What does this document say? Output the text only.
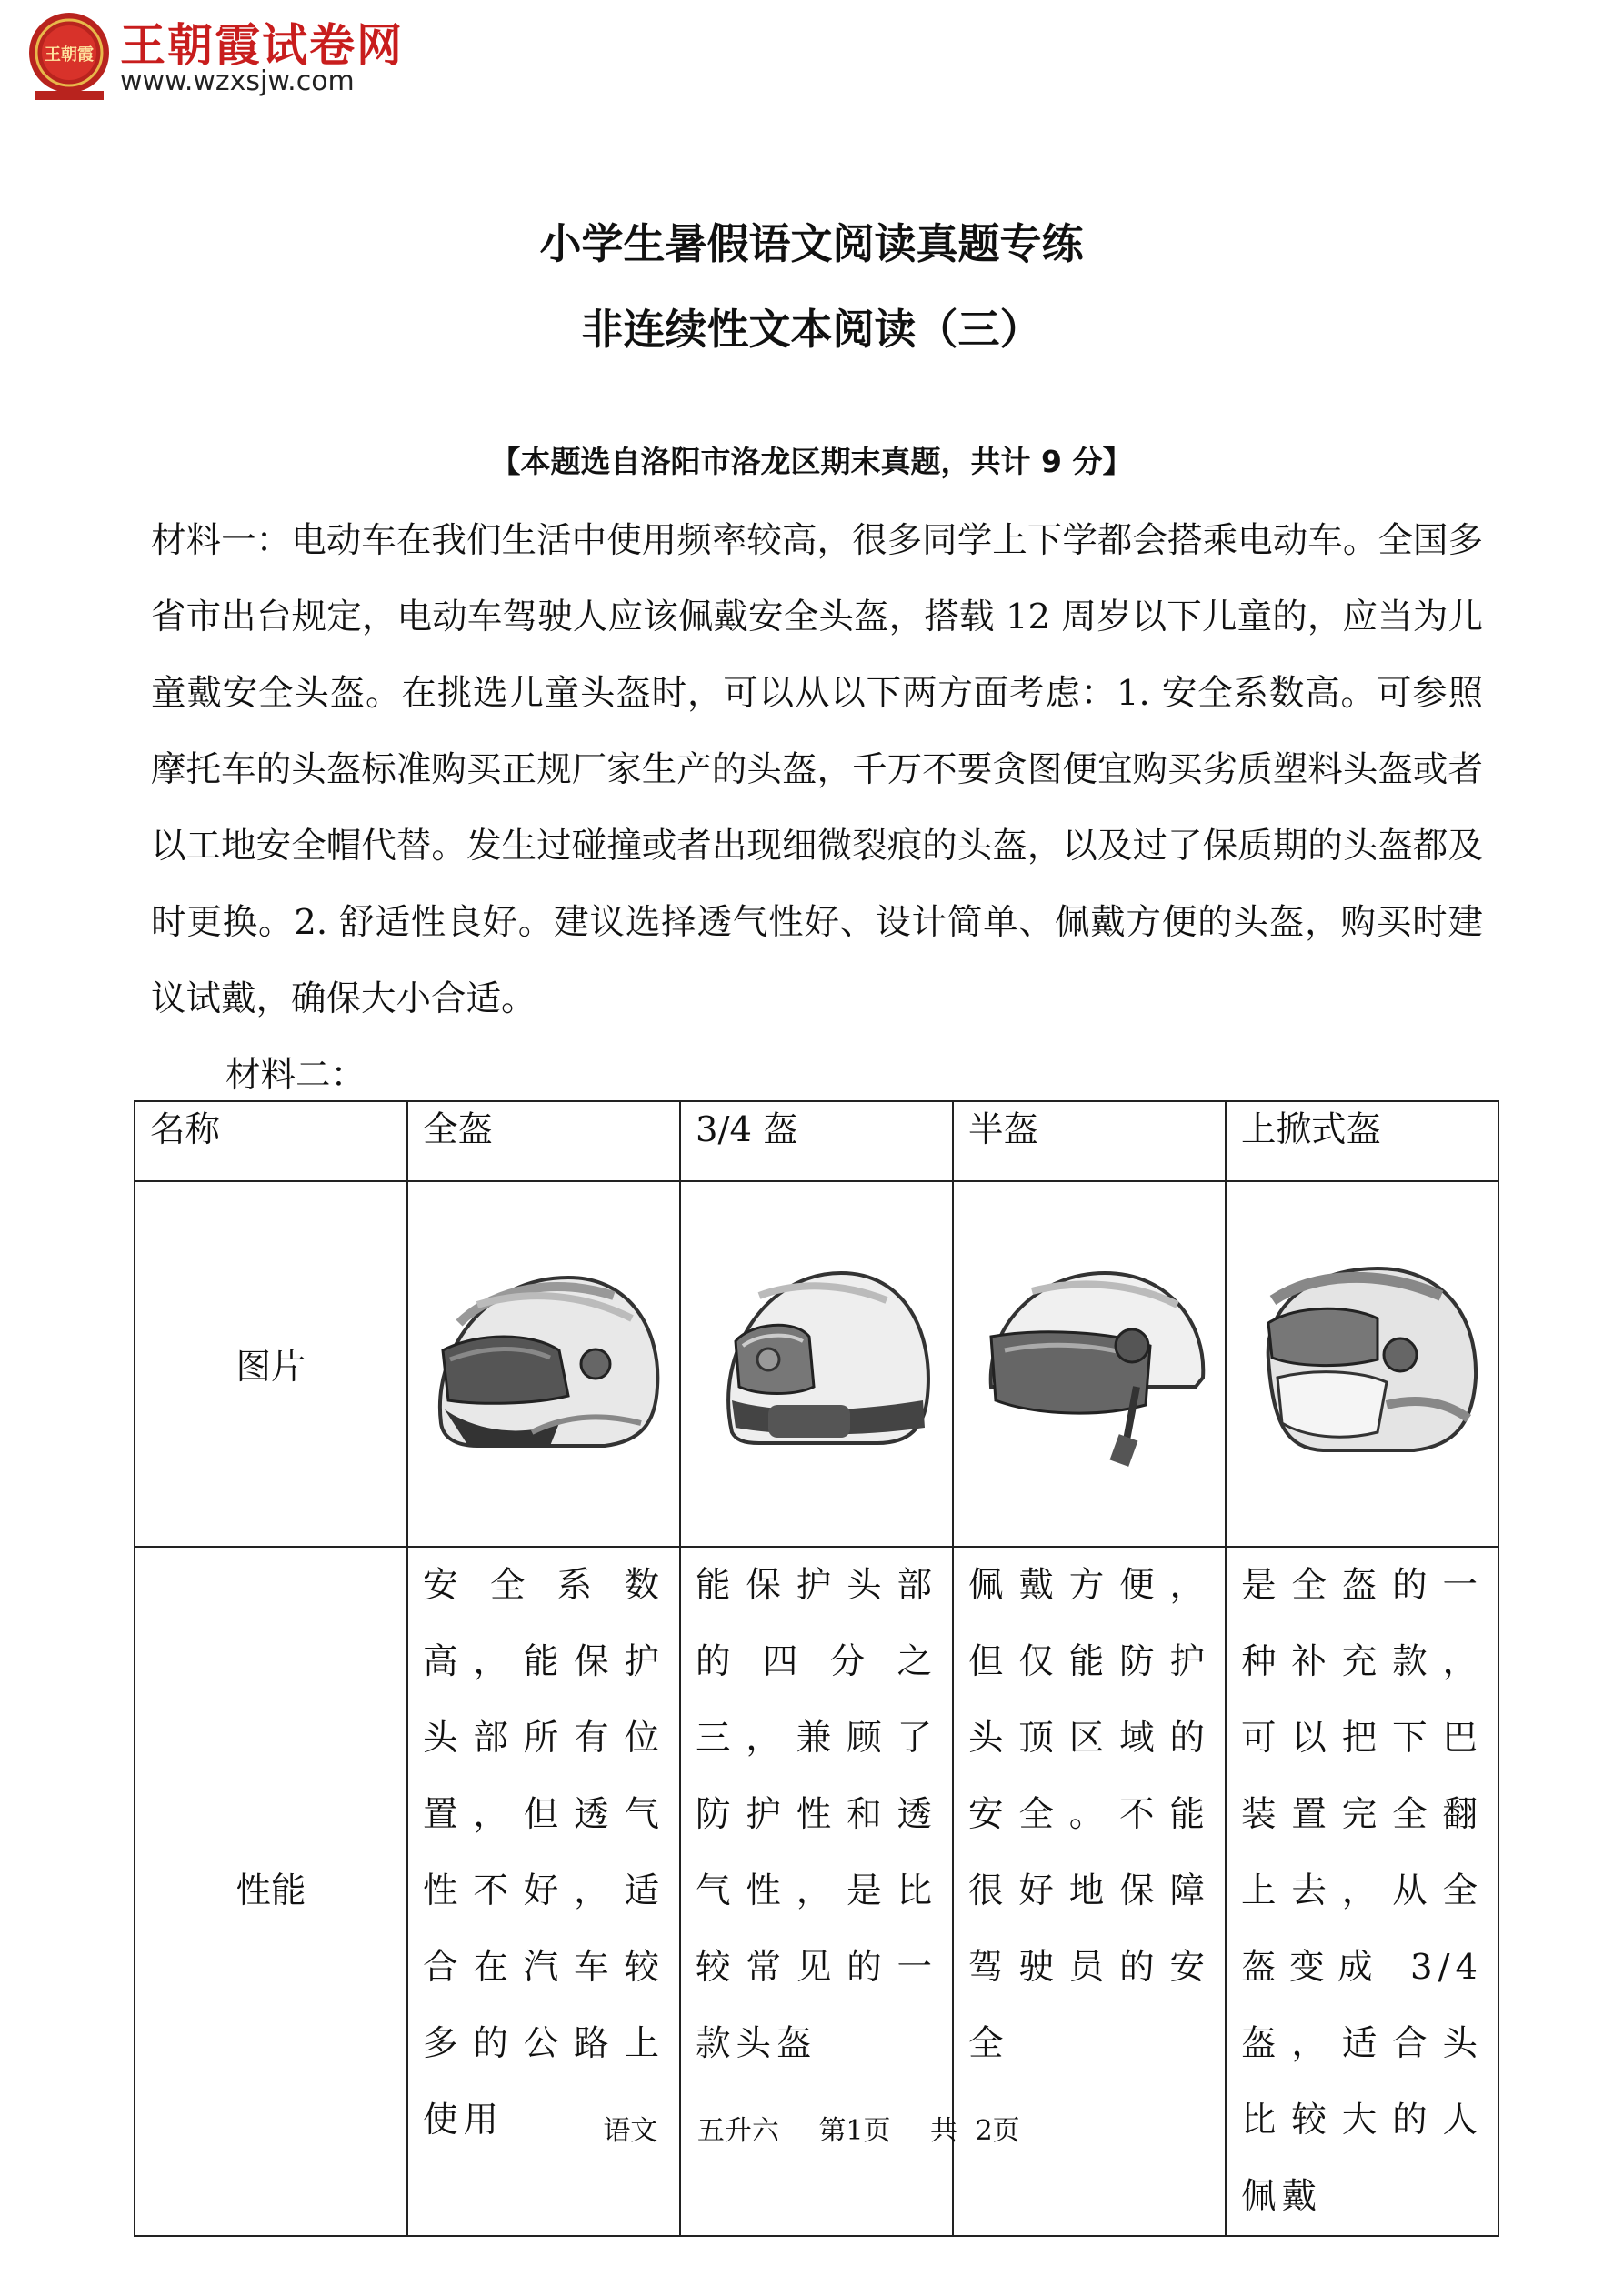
王朝霞 王朝霞试卷网
www.wzxsjw.com
小学生暑假语文阅读真题专练
非连续性文本阅读（三）
【本题选自洛阳市洛龙区期末真题，共计 9 分】

材料一：电动车在我们生活中使用频率较高，很多同学上下学都会搭乘电动车。全国多省市出台规定，电动车驾驶人应该佩戴安全头盔，搭载 12 周岁以下儿童的，应当为儿童戴安全头盔。在挑选儿童头盔时，可以从以下两方面考虑：1. 安全系数高。可参照摩托车的头盔标准购买正规厂家生产的头盔，千万不要贪图便宜购买劣质塑料头盔或者以工地安全帽代替。发生过碰撞或者出现细微裂痕的头盔，以及过了保质期的头盔都及时更换。2. 舒适性良好。建议选择透气性好、设计简单、佩戴方便的头盔，购买时建议试戴，确保大小合适。

材料二：
名称	全盔	3/4 盔	半盔	上掀式盔
图片				
性能	安全系数高，能保护头部所有位置，但透气性不好，适合在汽车较多的公路上使用	能保护头部的四分之三，兼顾了防护性和透气性，是比较常见的一款头盔	佩戴方便，但仅能防护头顶区域的安全。不能很好地保障驾驶员的安全	是全盔的一种补充款，可以把下巴装置完全翻上去，从全盔变成 3/4 盔，适合头比较大的人佩戴
语文 五升六 第1页 共 2页
